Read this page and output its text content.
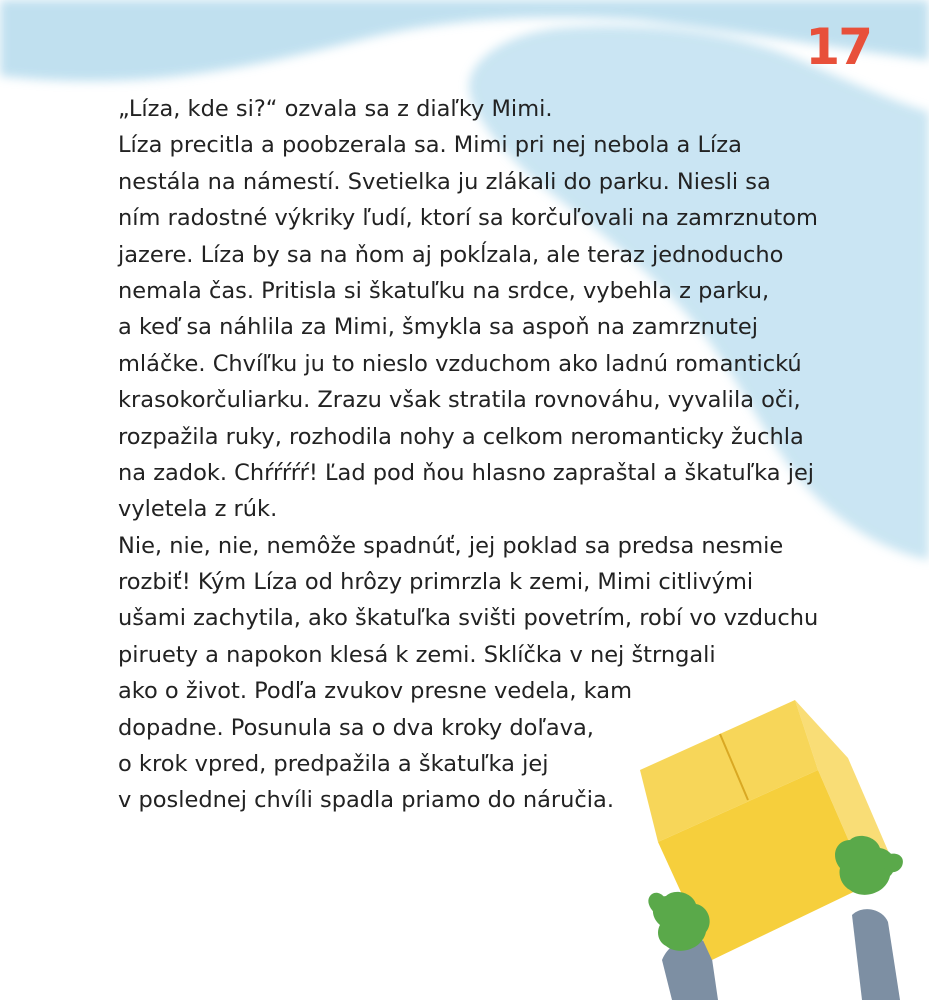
17
„Líza, kde si?“ ozvala sa z diaľky Mimi.
Líza precitla a poobzerala sa. Mimi pri nej nebola a Líza
nestála na námestí. Svetielka ju zlákali do parku. Niesli sa
ním radostné výkriky ľudí, ktorí sa korčuľovali na zamrznutom
jazere. Líza by sa na ňom aj pokĺzala, ale teraz jednoducho
nemala čas. Pritisla si škatuľku na srdce, vybehla z parku,
a keď sa náhlila za Mimi, šmykla sa aspoň na zamrznutej
mláčke. Chvíľku ju to nieslo vzduchom ako ladnú romantickú
krasokorčuliarku. Zrazu však stratila rovnováhu, vyvalila oči,
rozpažila ruky, rozhodila nohy a celkom neromanticky žuchla
na zadok. Chŕŕŕŕŕ! Ľad pod ňou hlasno zapraštal a škatuľka jej
vyletela z rúk.
Nie, nie, nie, nemôže spadnúť, jej poklad sa predsa nesmie
rozbiť! Kým Líza od hrôzy primrzla k zemi, Mimi citlivými
ušami zachytila, ako škatuľka svišti povetrím, robí vo vzduchu
piruety a napokon klesá k zemi. Sklíčka v nej štrngali
ako o život. Podľa zvukov presne vedela, kam
dopadne. Posunula sa o dva kroky doľava,
o krok vpred, predpažila a škatuľka jej
v poslednej chvíli spadla priamo do náručia.
